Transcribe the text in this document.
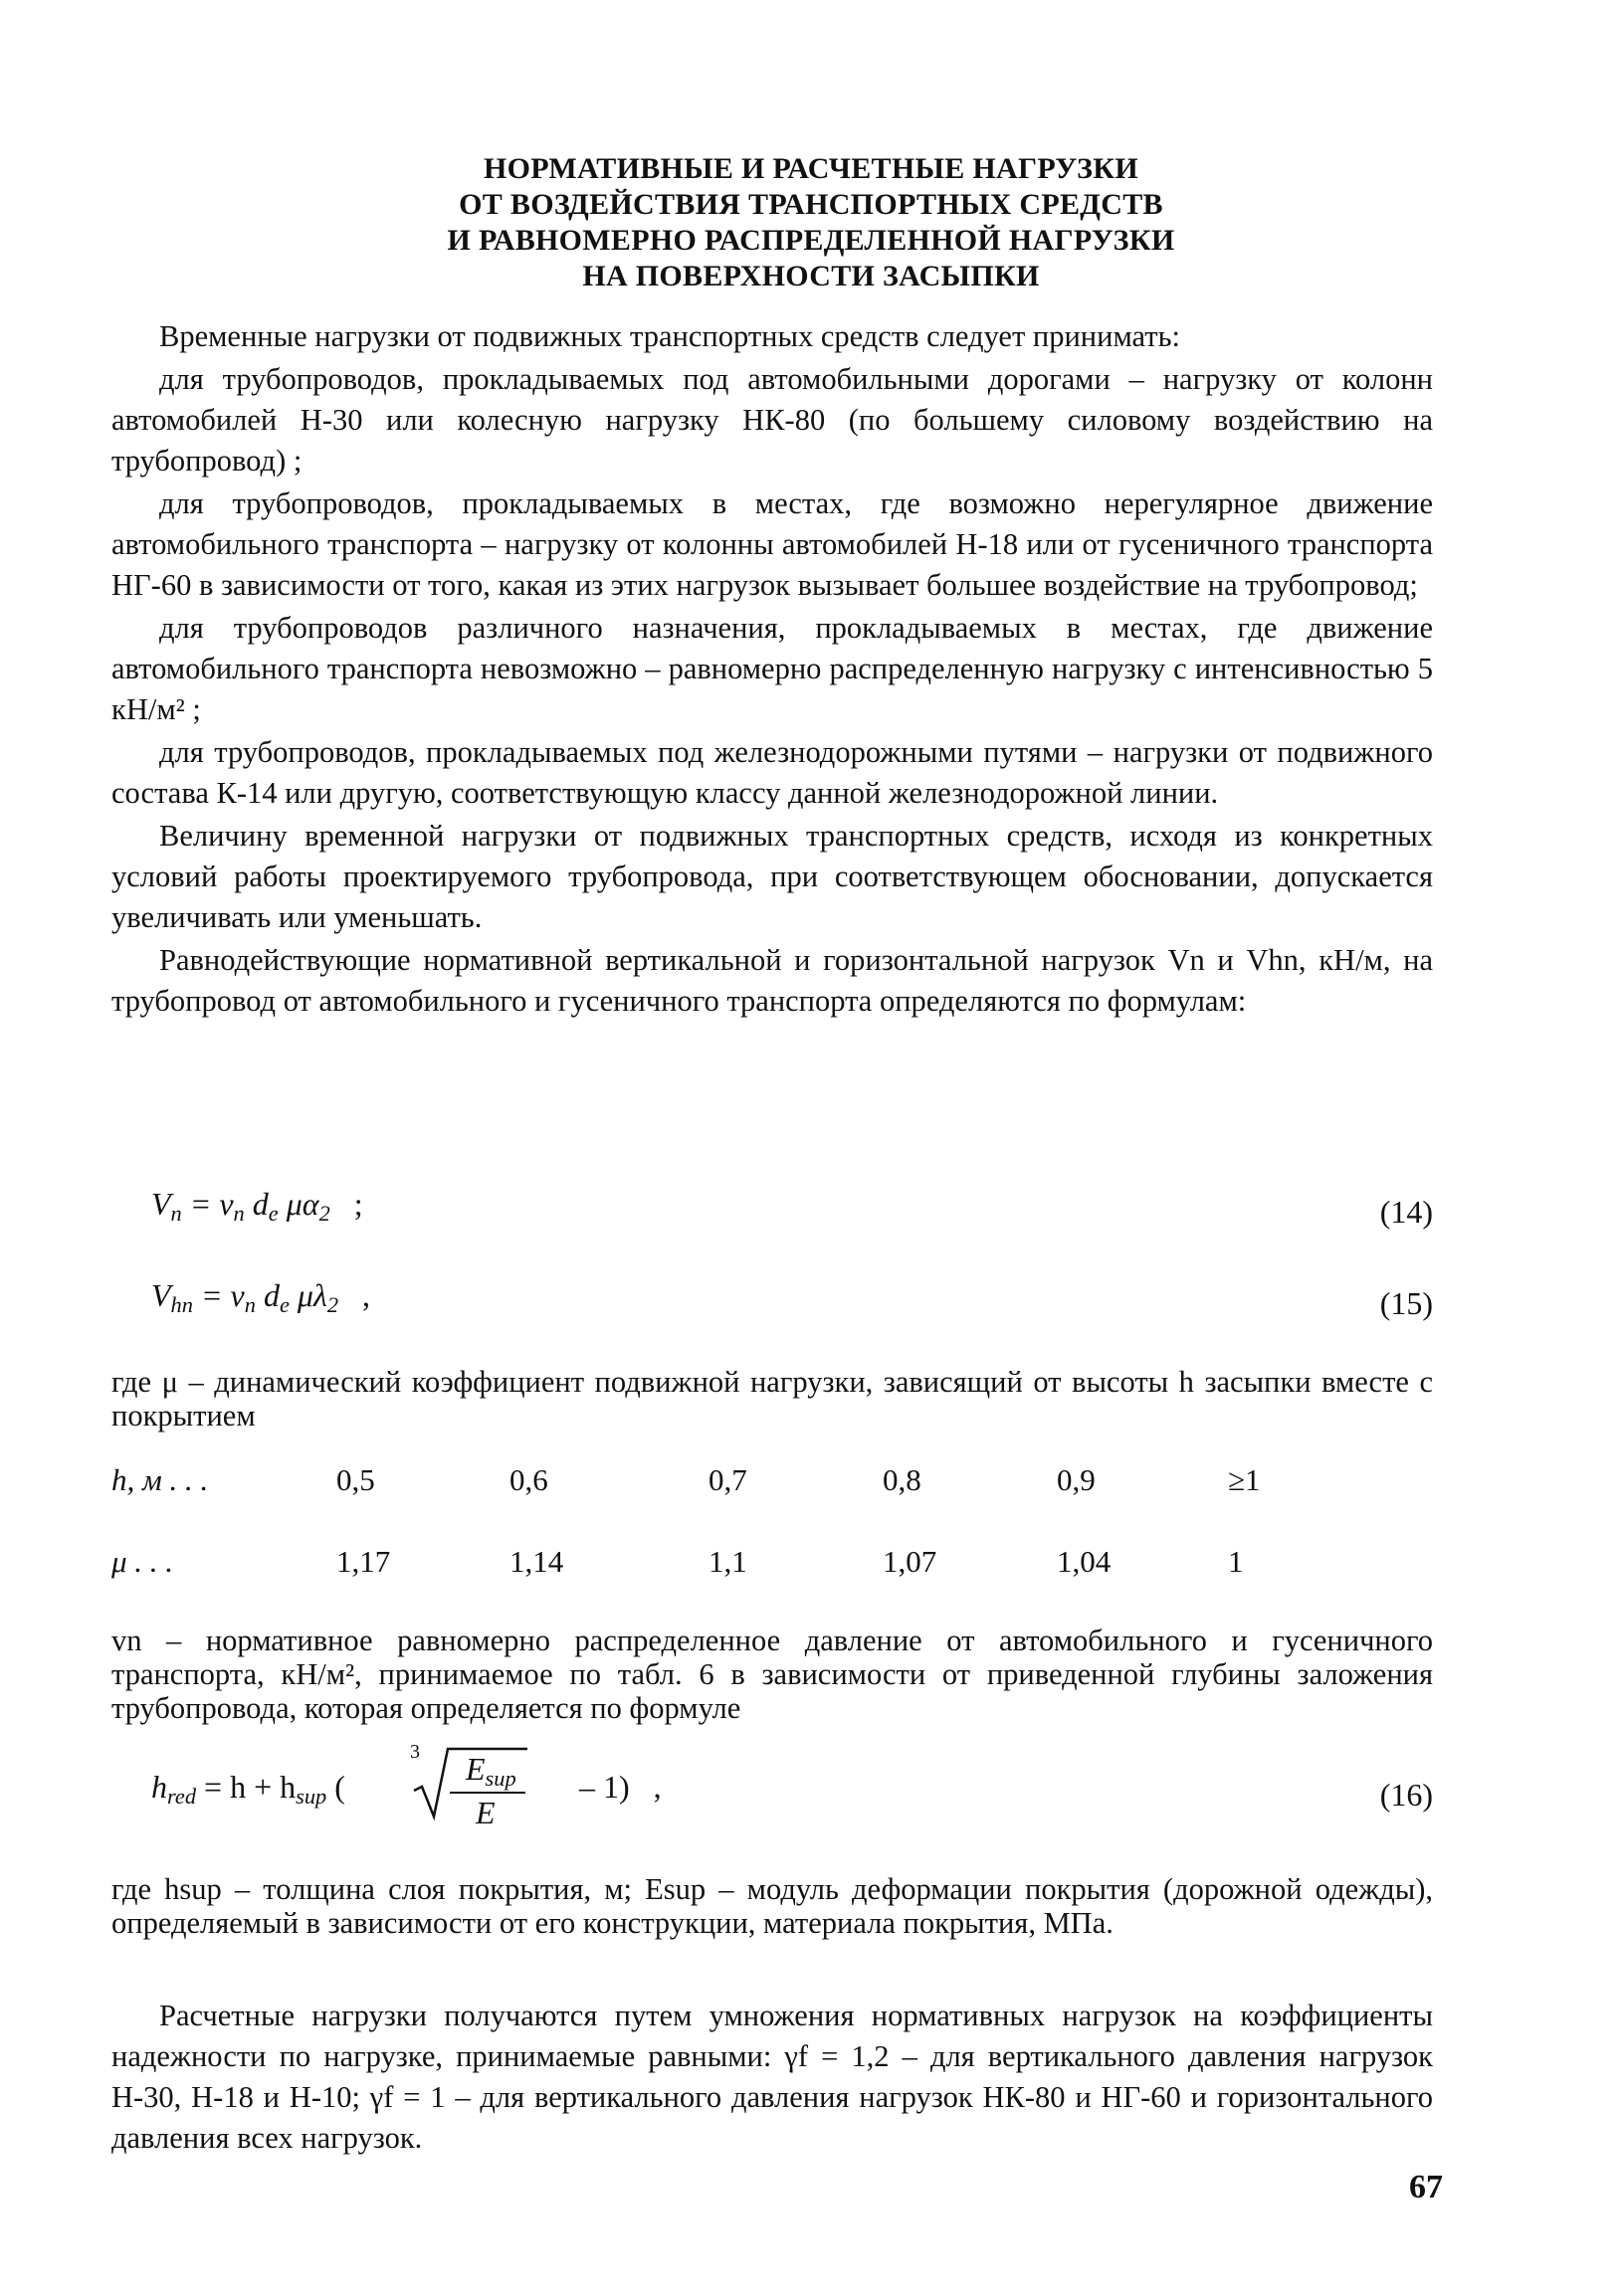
НОРМАТИВНЫЕ И РАСЧЕТНЫЕ НАГРУЗКИ
ОТ ВОЗДЕЙСТВИЯ ТРАНСПОРТНЫХ СРЕДСТВ
И РАВНОМЕРНО РАСПРЕДЕЛЕННОЙ НАГРУЗКИ
НА ПОВЕРХНОСТИ ЗАСЫПКИ

Временные нагрузки от подвижных транспортных средств следует принимать:

для трубопроводов, прокладываемых под автомобильными дорогами – нагрузку от колонн автомобилей Н-30 или колесную нагрузку НК-80 (по большему силовому воздействию на трубопровод) ;

для трубопроводов, прокладываемых в местах, где возможно нерегулярное движение автомобильного транспорта – нагрузку от колонны автомобилей Н-18 или от гусеничного транспорта НГ-60 в зависимости от того, какая из этих нагрузок вызывает большее воздействие на трубопровод;

для трубопроводов различного назначения, прокладываемых в местах, где движение автомобильного транспорта невозможно – равномерно распределенную нагрузку с интенсивностью 5 кН/м² ;

для трубопроводов, прокладываемых под железнодорожными путями – нагрузки от подвижного состава К-14 или другую, соответствующую классу данной железнодорожной линии.

Величину временной нагрузки от подвижных транспортных средств, исходя из конкретных условий работы проектируемого трубопровода, при соответствующем обосновании, допускается увеличивать или уменьшать.

Равнодействующие нормативной вертикальной и горизонтальной нагрузок Vn и Vhn, кН/м, на трубопровод от автомобильного и гусеничного транспорта определяются по формулам:

$V_n = v_n$ $d_e$ $\mu\alpha_2$ ;	(14)
$V_{hn} = v_n$ $d_e$ $\mu\lambda_2$ ,	(15)
где μ – динамический коэффициент подвижной нагрузки, зависящий от высоты h засыпки вместе с покрытием
h, м . . .	0,5	0,6	0,7	0,8	0,9	≥1
μ . . .	1,17	1,14	1,1	1,07	1,04	1
vn – нормативное равномерно распределенное давление от автомобильного и гусеничного транспорта, кН/м², принимаемое по табл. 6 в зависимости от приведенной глубины заложения трубопровода, которая определяется по формуле
$h_{red} = h + h_{sup}$ (
3 $E_{sup}$
E
– 1) ,	(16)
где hsup – толщина слоя покрытия, м; Esup – модуль деформации покрытия (дорожной одежды), определяемый в зависимости от его конструкции, материала покрытия, МПа.

Расчетные нагрузки получаются путем умножения нормативных нагрузок на коэффициенты надежности по нагрузке, принимаемые равными: γf = 1,2 – для вертикального давления нагрузок Н-30, Н-18 и Н-10; γf = 1 – для вертикального давления нагрузок НК-80 и НГ-60 и горизонтального давления всех нагрузок.

67
